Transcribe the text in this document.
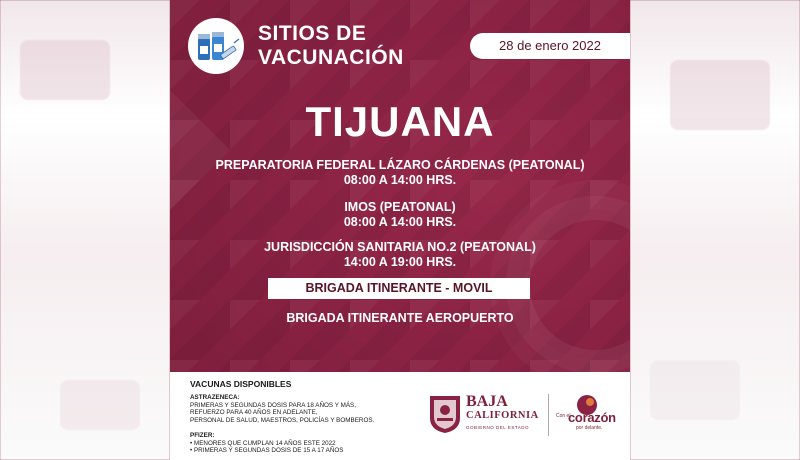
SITIOS DE
VACUNACIÓN
28 de enero 2022
TIJUANA
PREPARATORIA FEDERAL LÁZARO CÁRDENAS (PEATONAL)
08:00 A 14:00 HRS.
IMOS (PEATONAL)
08:00 A 14:00 HRS.
JURISDICCIÓN SANITARIA NO.2 (PEATONAL)
14:00 A 19:00 HRS.
BRIGADA ITINERANTE - MOVIL
BRIGADA ITINERANTE AEROPUERTO
VACUNAS DISPONIBLES
ASTRAZENECA:
PRIMERAS Y SEGUNDAS DOSIS PARA 18 AÑOS Y MÁS,
REFUERZO PARA 40 AÑOS EN ADELANTE,
PERSONAL DE SALUD, MAESTROS, POLICÍAS Y BOMBEROS.
PFIZER:
• MENORES QUE CUMPLAN 14 AÑOS ESTE 2022
• PRIMERAS Y SEGUNDAS DOSIS DE 15 A 17 AÑOS
BAJA
CALIFORNIA
GOBIERNO DEL ESTADO
Con el
corazón
por delante.
